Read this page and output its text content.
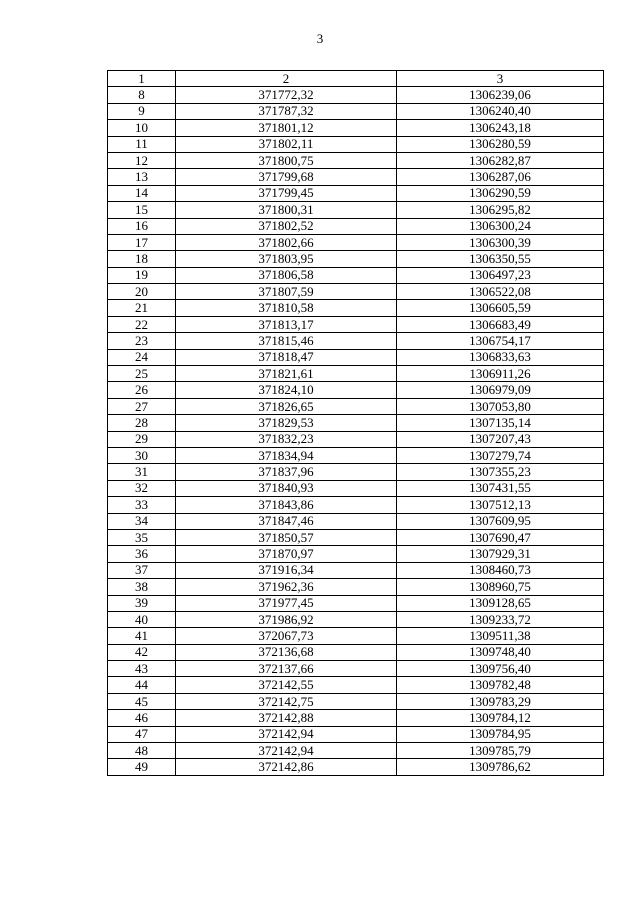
3
1	2	3
8	371772,32	1306239,06
9	371787,32	1306240,40
10	371801,12	1306243,18
11	371802,11	1306280,59
12	371800,75	1306282,87
13	371799,68	1306287,06
14	371799,45	1306290,59
15	371800,31	1306295,82
16	371802,52	1306300,24
17	371802,66	1306300,39
18	371803,95	1306350,55
19	371806,58	1306497,23
20	371807,59	1306522,08
21	371810,58	1306605,59
22	371813,17	1306683,49
23	371815,46	1306754,17
24	371818,47	1306833,63
25	371821,61	1306911,26
26	371824,10	1306979,09
27	371826,65	1307053,80
28	371829,53	1307135,14
29	371832,23	1307207,43
30	371834,94	1307279,74
31	371837,96	1307355,23
32	371840,93	1307431,55
33	371843,86	1307512,13
34	371847,46	1307609,95
35	371850,57	1307690,47
36	371870,97	1307929,31
37	371916,34	1308460,73
38	371962,36	1308960,75
39	371977,45	1309128,65
40	371986,92	1309233,72
41	372067,73	1309511,38
42	372136,68	1309748,40
43	372137,66	1309756,40
44	372142,55	1309782,48
45	372142,75	1309783,29
46	372142,88	1309784,12
47	372142,94	1309784,95
48	372142,94	1309785,79
49	372142,86	1309786,62
